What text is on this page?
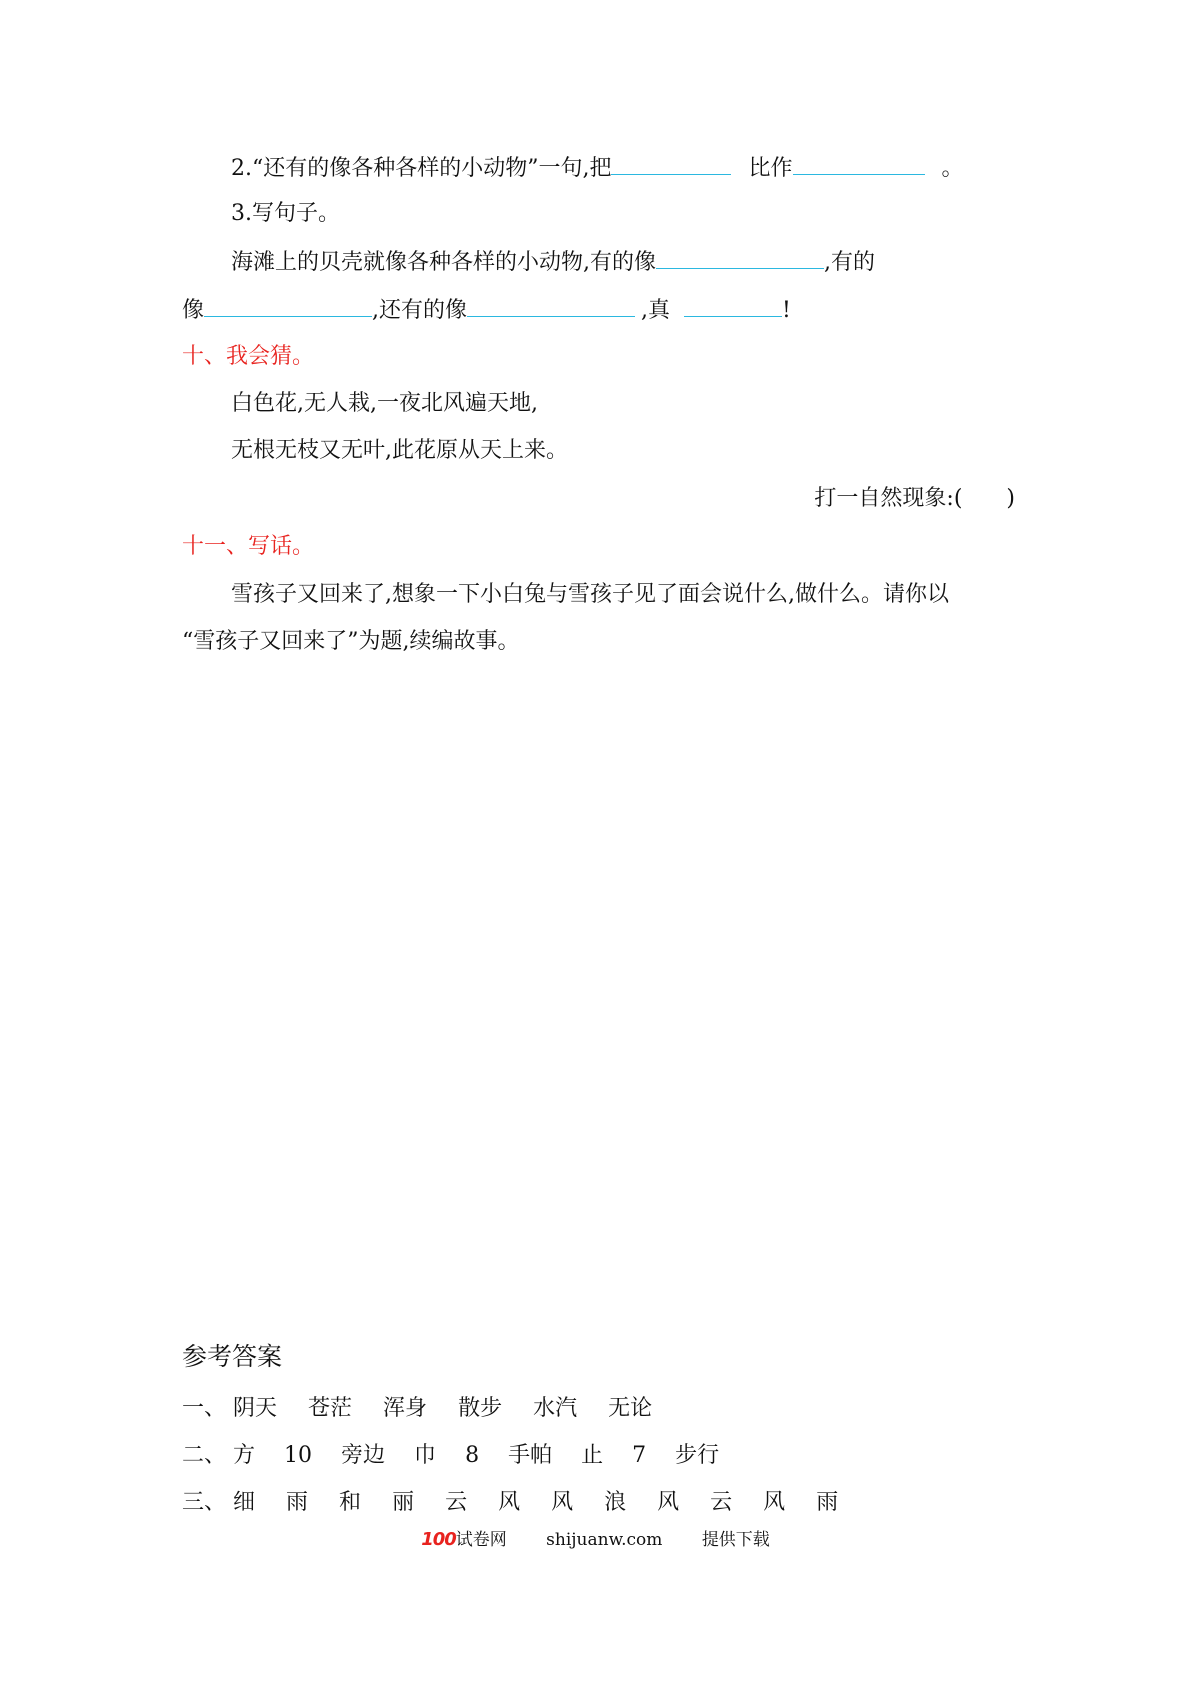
2.“还有的像各种各样的小动物”一句,把	比作	。
3.写句子。
海滩上的贝壳就像各种各样的小动物,有的像	,有的
像	,还有的像	,真	!
十、我会猜。
白色花,无人栽,一夜北风遍天地,
无根无枝又无叶,此花原从天上来。
打一自然现象:(　　)
十一、写话。
雪孩子又回来了,想象一下小白兔与雪孩子见了面会说什么,做什么。请你以
“雪孩子又回来了”为题,续编故事。
参考答案
一、 阴天 苍茫 浑身 散步 水汽 无论
二、 方 10 旁边 巾 8 手帕 止 7 步行
三、 细 雨 和 丽 云 风 风 浪 风 云 风 雨
100试卷网 shijuanw.com 提供下载
